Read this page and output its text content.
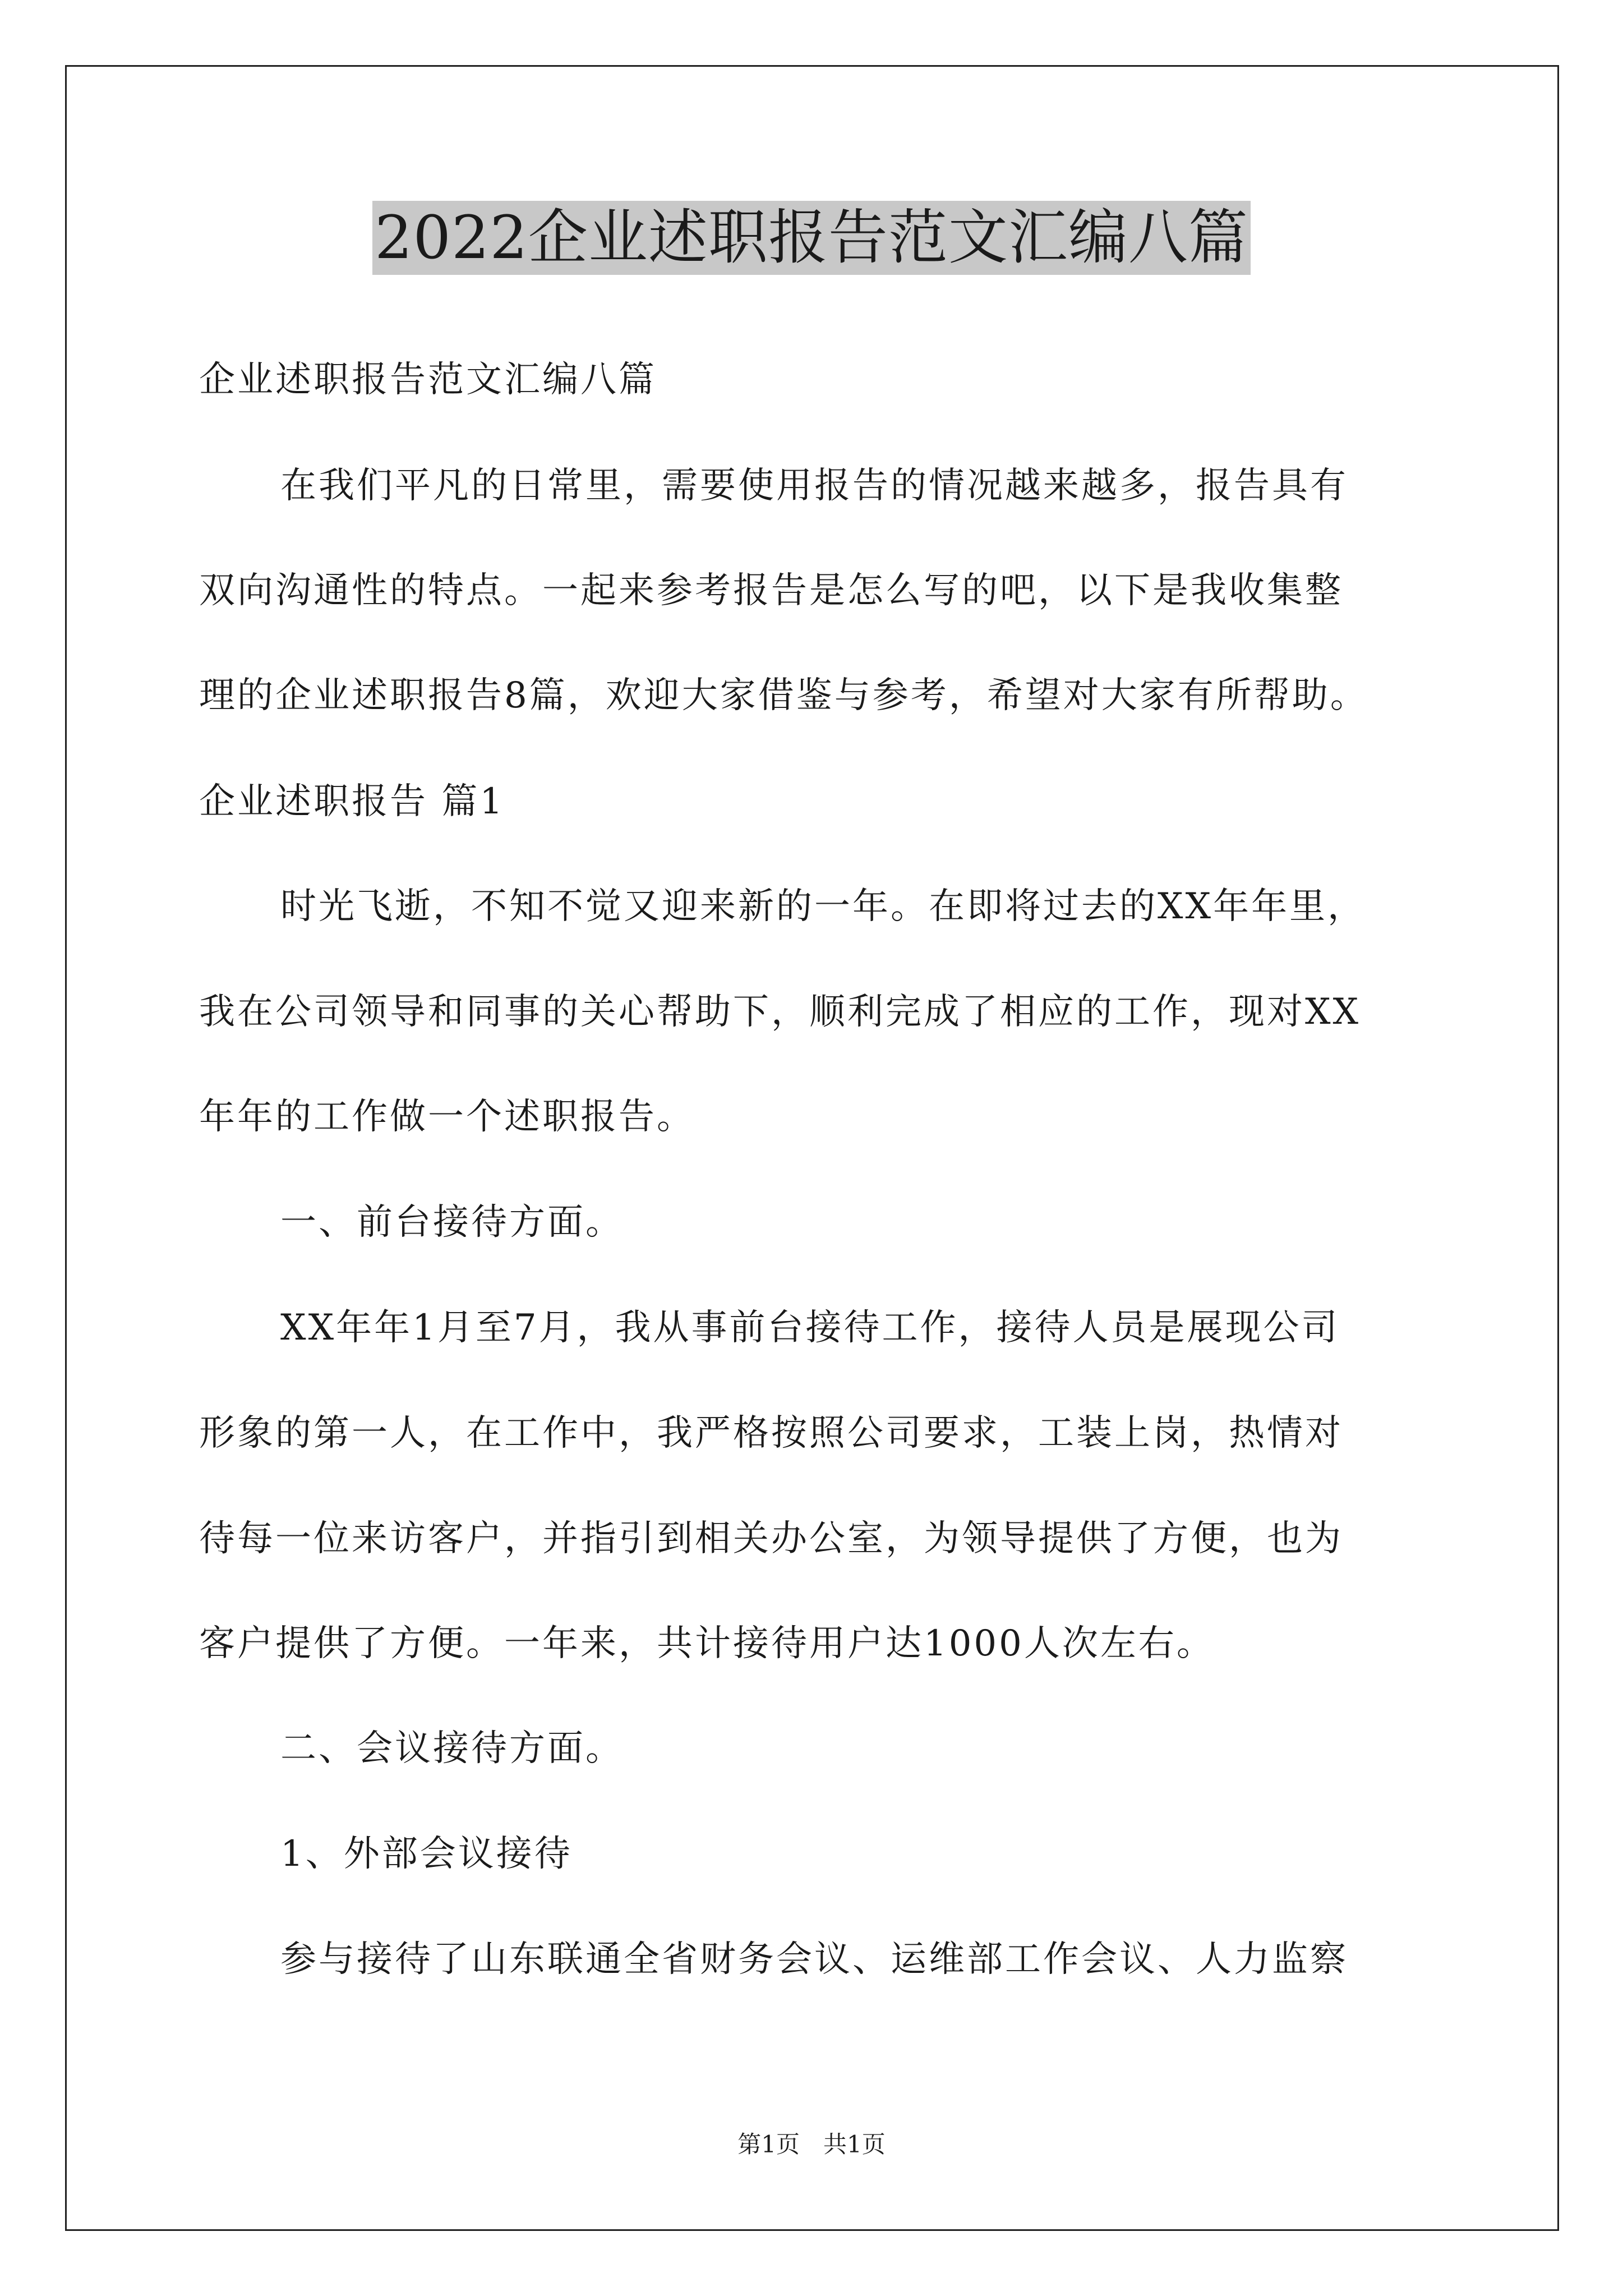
2022企业述职报告范文汇编八篇
企业述职报告范文汇编八篇
在我们平凡的日常里，需要使用报告的情况越来越多，报告具有
双向沟通性的特点。一起来参考报告是怎么写的吧，以下是我收集整
理的企业述职报告8篇，欢迎大家借鉴与参考，希望对大家有所帮助。
企业述职报告 篇1
时光飞逝，不知不觉又迎来新的一年。在即将过去的XX年年里，
我在公司领导和同事的关心帮助下，顺利完成了相应的工作，现对XX
年年的工作做一个述职报告。
一、前台接待方面。
XX年年1月至7月，我从事前台接待工作，接待人员是展现公司
形象的第一人，在工作中，我严格按照公司要求，工装上岗，热情对
待每一位来访客户，并指引到相关办公室，为领导提供了方便，也为
客户提供了方便。一年来，共计接待用户达1000人次左右。
二、会议接待方面。
1、外部会议接待
参与接待了山东联通全省财务会议、运维部工作会议、人力监察
第1页　共1页
